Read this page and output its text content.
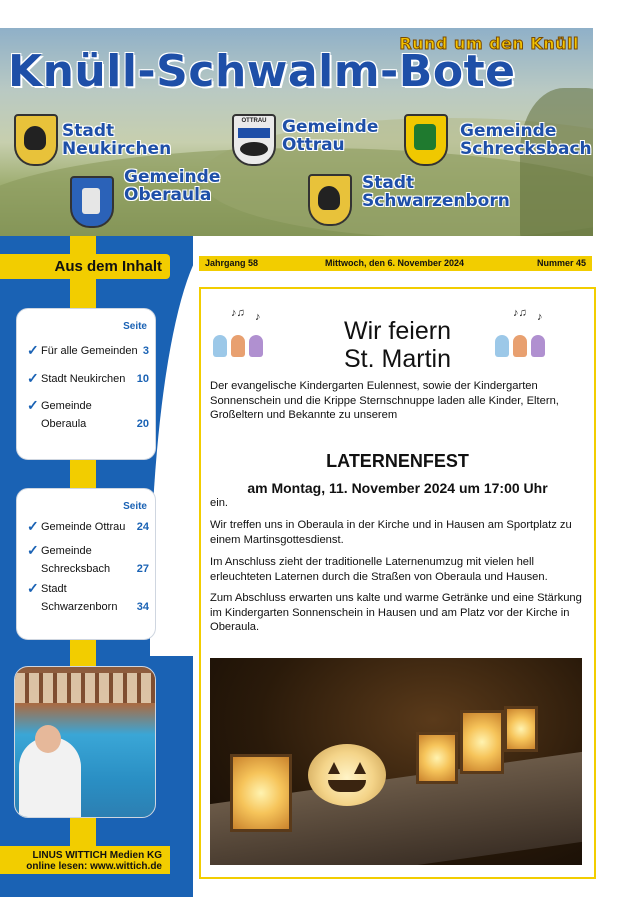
Rund um den Knüll
Knüll-Schwalm-Bote
Stadt
Neukirchen
OTTRAU Gemeinde
Ottrau
Gemeinde
Schrecksbach
Gemeinde
Oberaula
Stadt
Schwarzenborn
Aus dem Inhalt
Seite
✓ Für alle Gemeinden 3
✓ Stadt Neukirchen 10
✓ Gemeinde
Oberaula	20
Seite
✓ Gemeinde Ottrau 24
✓ Gemeinde
Schrecksbach 27
✓ Stadt
Schwarzenborn 34
LINUS WITTICH Medien KG
online lesen: www.wittich.de
Jahrgang 58	Mittwoch, den 6. November 2024	Nummer 45
♪♫ ♪	♪♫ ♪
Wir feiern
St. Martin
Der evangelische Kindergarten Eulennest, sowie der Kindergarten Sonnenschein und die Krippe Sternschnuppe laden alle Kinder, Eltern, Großeltern und Bekannte zu unserem
LATERNENFEST
am Montag, 11. November 2024 um 17:00 Uhr
ein.
Wir treffen uns in Oberaula in der Kirche und in Hausen am Sportplatz zu einem Martinsgottesdienst.
Im Anschluss zieht der traditionelle Laternenumzug mit vielen hell erleuchteten Laternen durch die Straßen von Oberaula und Hausen.
Zum Abschluss erwarten uns kalte und warme Getränke und eine Stärkung im Kindergarten Sonnenschein in Hausen und am Platz vor der Kirche in Oberaula.
